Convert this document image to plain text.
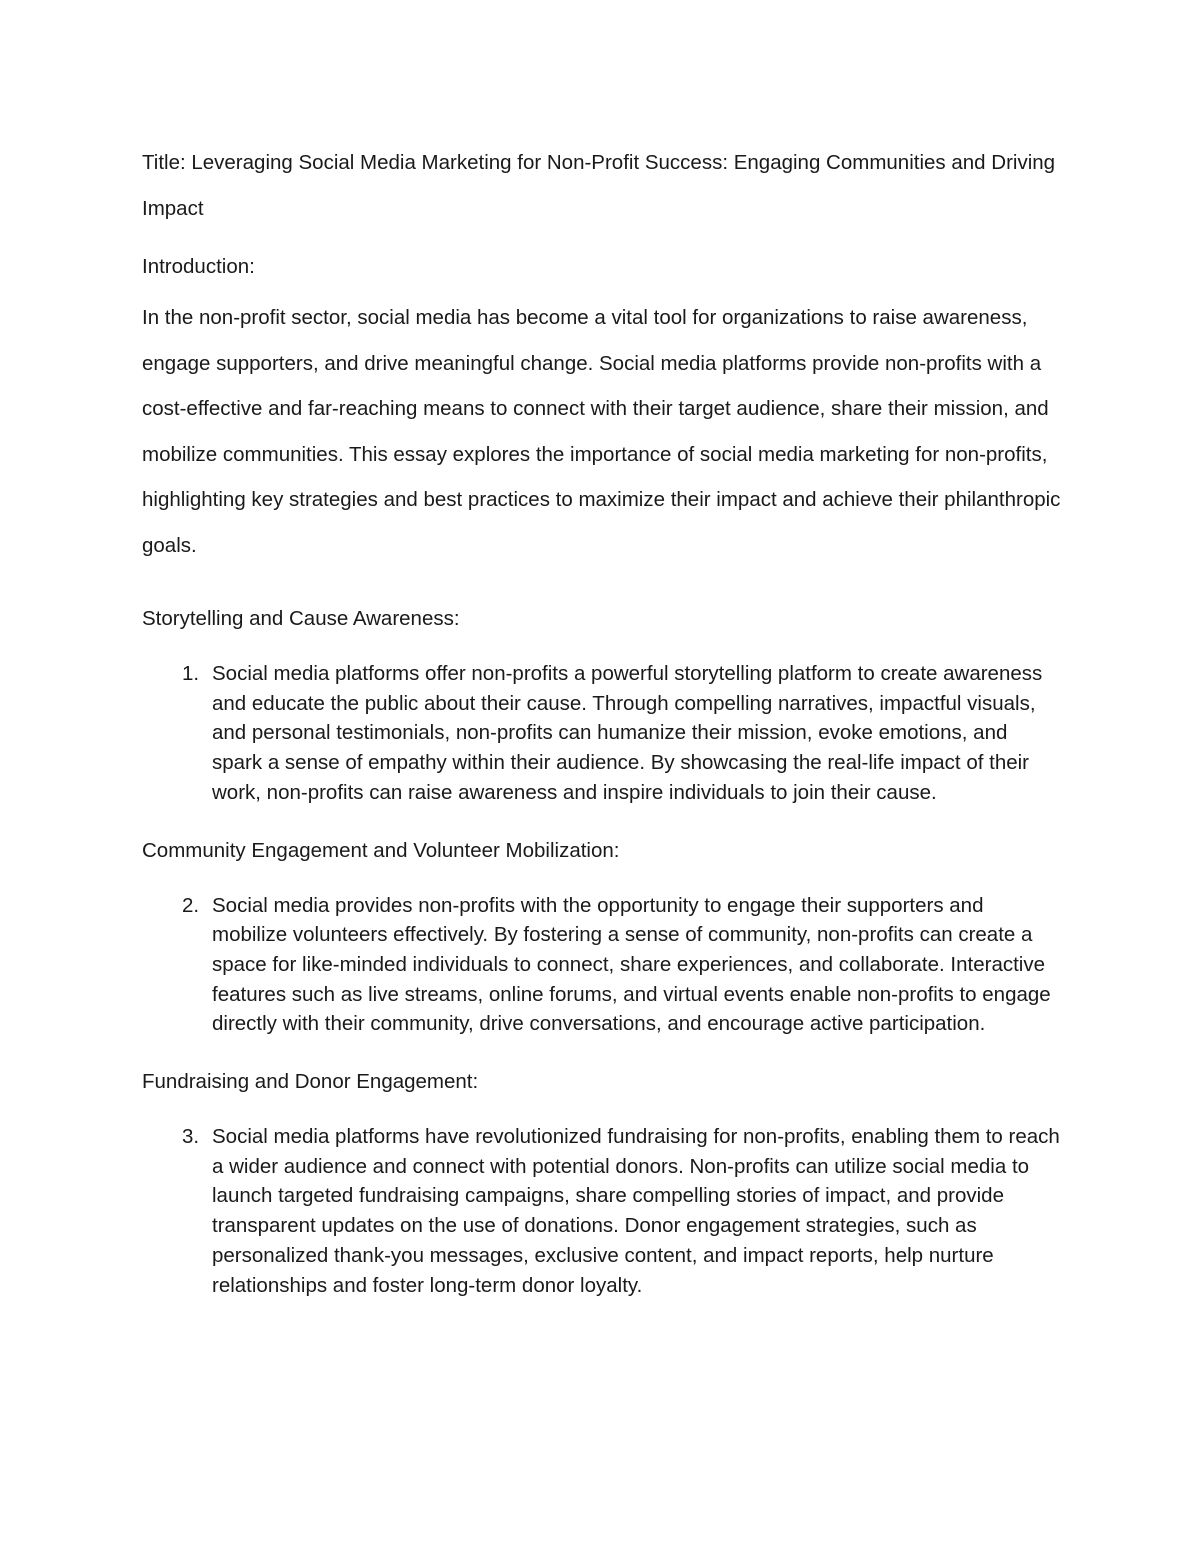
Title: Leveraging Social Media Marketing for Non-Profit Success: Engaging Communities and Driving Impact

Introduction:

In the non-profit sector, social media has become a vital tool for organizations to raise awareness, engage supporters, and drive meaningful change. Social media platforms provide non-profits with a cost-effective and far-reaching means to connect with their target audience, share their mission, and mobilize communities. This essay explores the importance of social media marketing for non-profits, highlighting key strategies and best practices to maximize their impact and achieve their philanthropic goals.

Storytelling and Cause Awareness:

1. Social media platforms offer non-profits a powerful storytelling platform to create awareness and educate the public about their cause. Through compelling narratives, impactful visuals, and personal testimonials, non-profits can humanize their mission, evoke emotions, and spark a sense of empathy within their audience. By showcasing the real-life impact of their work, non-profits can raise awareness and inspire individuals to join their cause.

Community Engagement and Volunteer Mobilization:

2. Social media provides non-profits with the opportunity to engage their supporters and mobilize volunteers effectively. By fostering a sense of community, non-profits can create a space for like-minded individuals to connect, share experiences, and collaborate. Interactive features such as live streams, online forums, and virtual events enable non-profits to engage directly with their community, drive conversations, and encourage active participation.

Fundraising and Donor Engagement:

3. Social media platforms have revolutionized fundraising for non-profits, enabling them to reach a wider audience and connect with potential donors. Non-profits can utilize social media to launch targeted fundraising campaigns, share compelling stories of impact, and provide transparent updates on the use of donations. Donor engagement strategies, such as personalized thank-you messages, exclusive content, and impact reports, help nurture relationships and foster long-term donor loyalty.
